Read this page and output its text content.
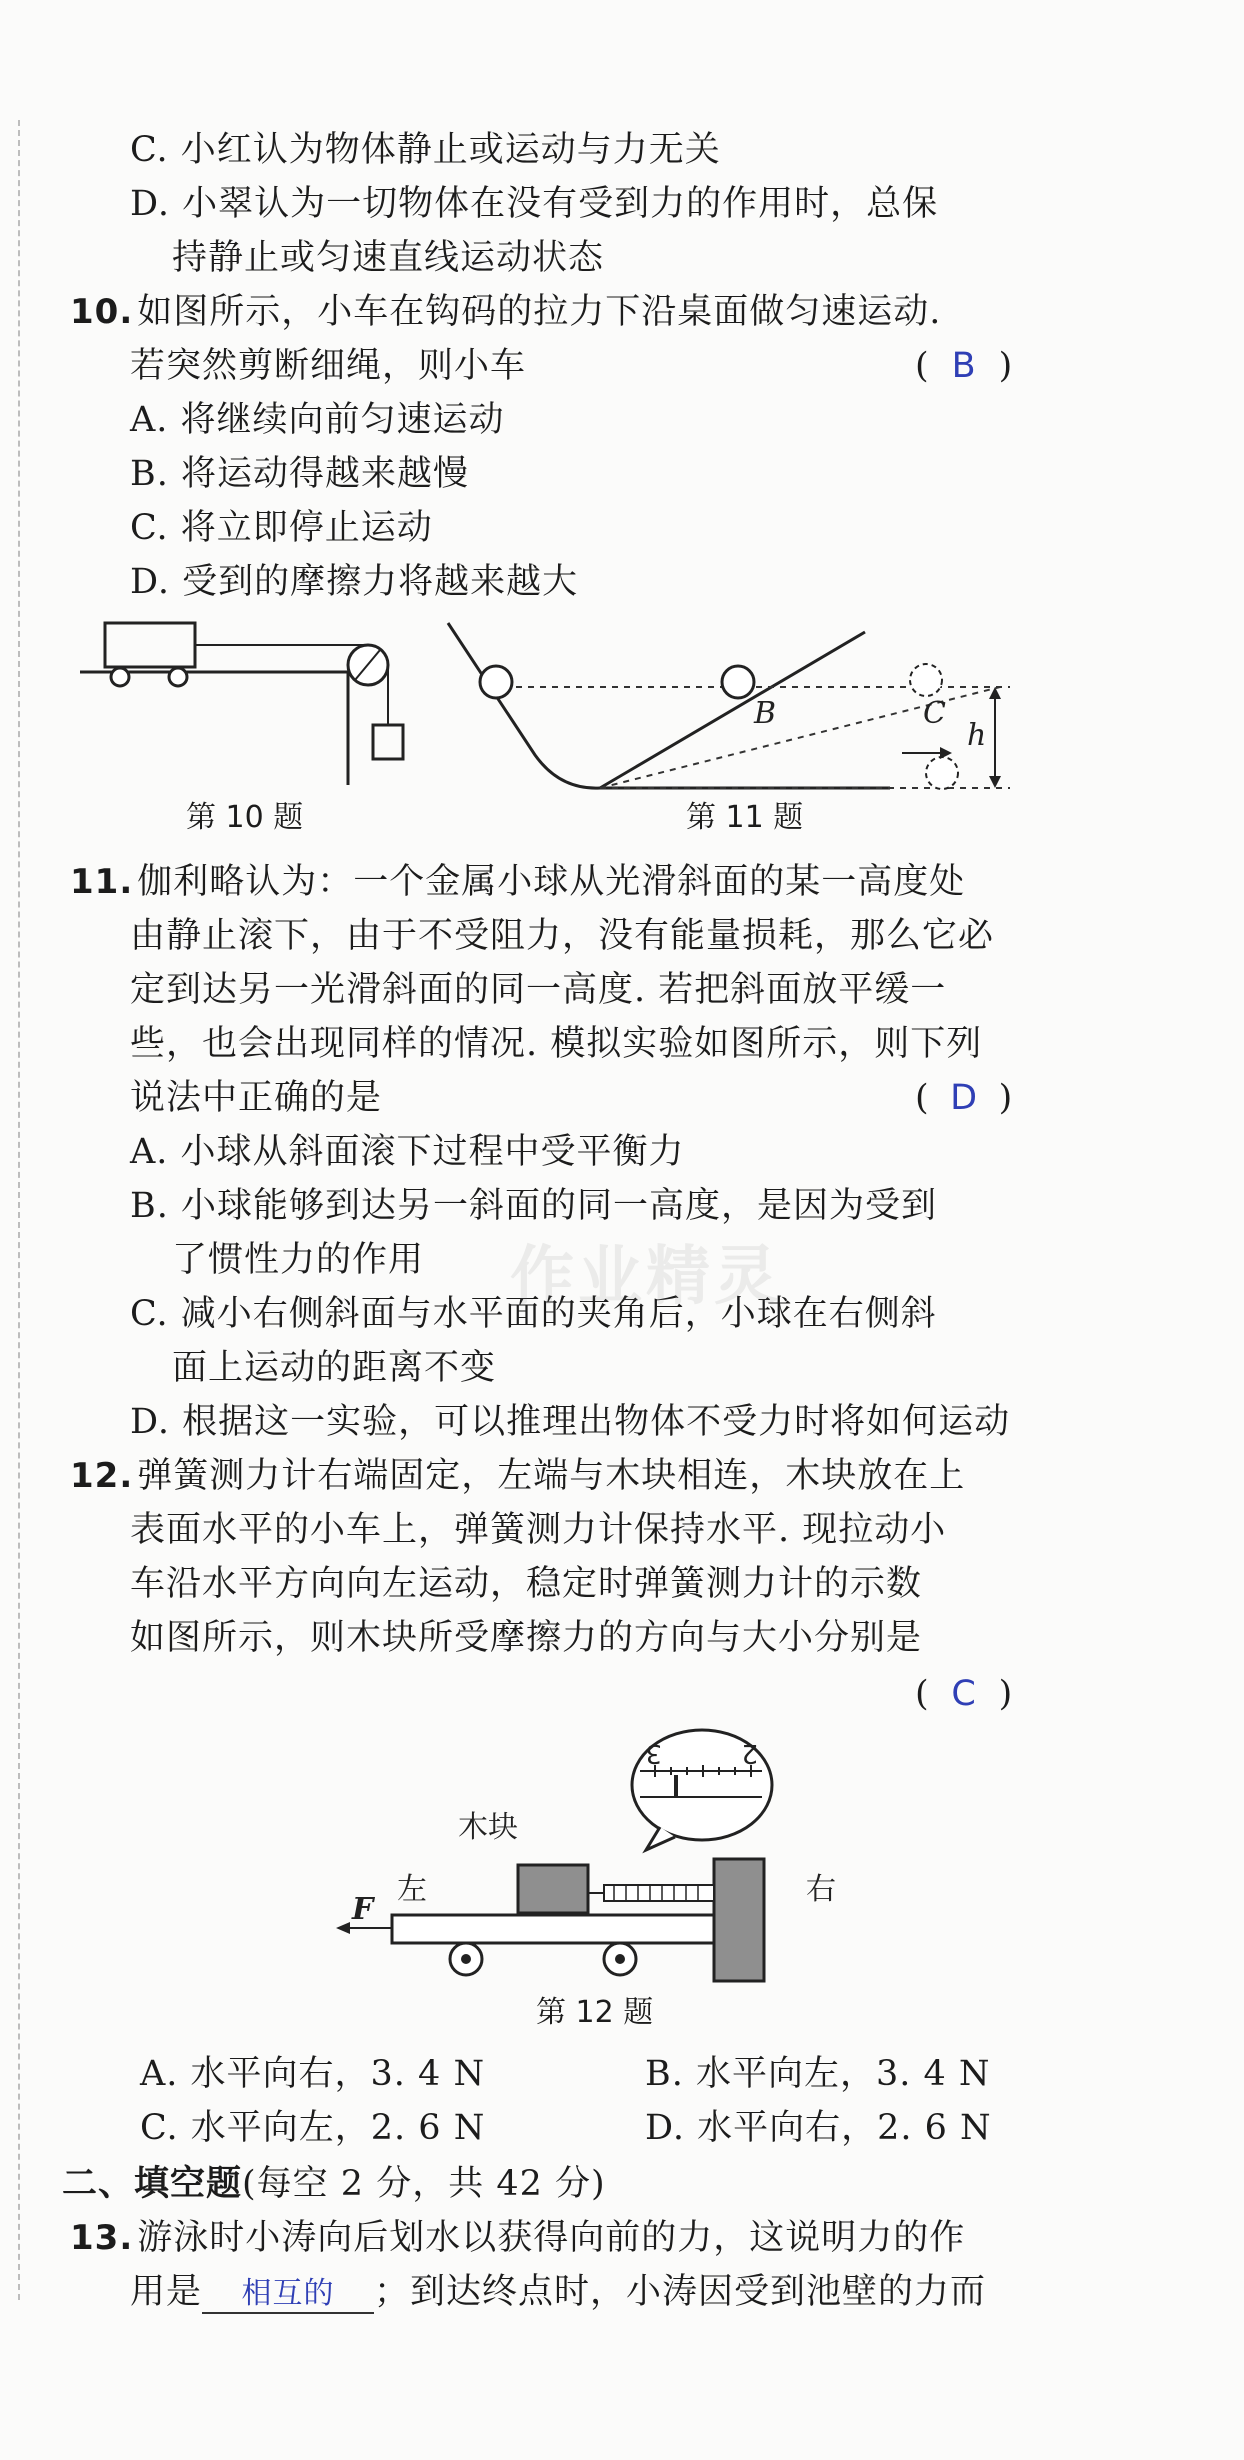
C. 小红认为物体静止或运动与力无关
D. 小翠认为一切物体在没有受到力的作用时，总保
持静止或匀速直线运动状态
10. 如图所示，小车在钩码的拉力下沿桌面做匀速运动.
若突然剪断细绳，则小车	( B )
A. 将继续向前匀速运动
B. 将运动得越来越慢
C. 将立即停止运动
D. 受到的摩擦力将越来越大
第 10 题
B	C
h
第 11 题
11. 伽利略认为：一个金属小球从光滑斜面的某一高度处
由静止滚下，由于不受阻力，没有能量损耗，那么它必
定到达另一光滑斜面的同一高度. 若把斜面放平缓一
些，也会出现同样的情况. 模拟实验如图所示，则下列
说法中正确的是	( D )
A. 小球从斜面滚下过程中受平衡力
B. 小球能够到达另一斜面的同一高度，是因为受到
了惯性力的作用
C. 减小右侧斜面与水平面的夹角后，小球在右侧斜
面上运动的距离不变
D. 根据这一实验，可以推理出物体不受力时将如何运动
作业精灵
12. 弹簧测力计右端固定，左端与木块相连，木块放在上
表面水平的小车上，弹簧测力计保持水平. 现拉动小
车沿水平方向向左运动，稳定时弹簧测力计的示数
如图所示，则木块所受摩擦力的方向与大小分别是
( C )
3	2
木块
左	右
F
第 12 题
A. 水平向右，3. 4 N	B. 水平向左，3. 4 N
C. 水平向左，2. 6 N	D. 水平向右，2. 6 N
二、填空题(每空 2 分，共 42 分)
13. 游泳时小涛向后划水以获得向前的力，这说明力的作
用是 相互的 ；到达终点时，小涛因受到池壁的力而
